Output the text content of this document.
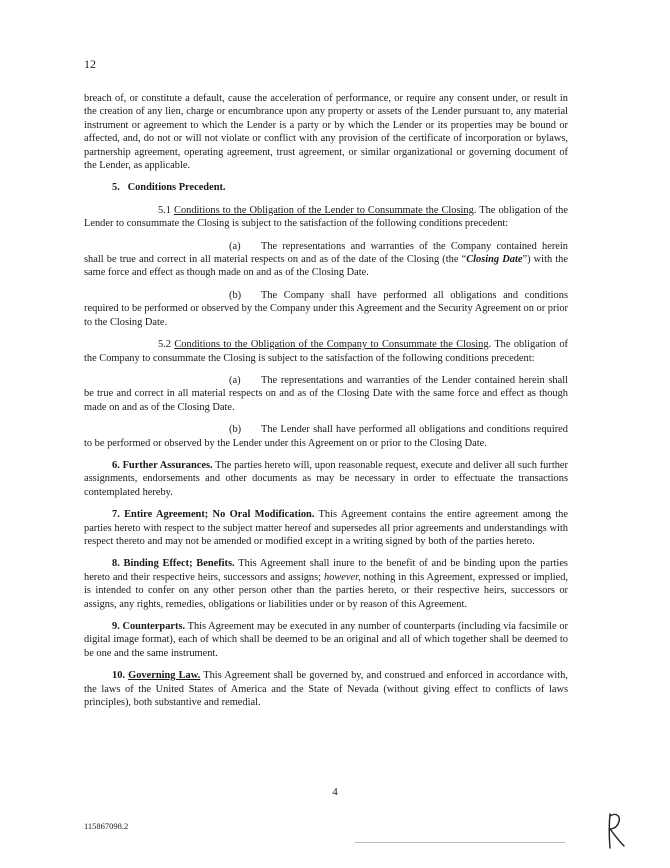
12

breach of, or constitute a default, cause the acceleration of performance, or require any consent under, or result in the creation of any lien, charge or encumbrance upon any property or assets of the Lender pursuant to, any material instrument or agreement to which the Lender is a party or by which the Lender or its properties may be bound or affected, and, do not or will not violate or conflict with any provision of the certificate of incorporation or bylaws, partnership agreement, operating agreement, trust agreement, or similar organizational or governing document of the Lender, as applicable.

5. Conditions Precedent.

5.1 Conditions to the Obligation of the Lender to Consummate the Closing. The obligation of the Lender to consummate the Closing is subject to the satisfaction of the following conditions precedent:

(a) The representations and warranties of the Company contained herein shall be true and correct in all material respects on and as of the date of the Closing (the “Closing Date”) with the same force and effect as though made on and as of the Closing Date.

(b) The Company shall have performed all obligations and conditions required to be performed or observed by the Company under this Agreement and the Security Agreement on or prior to the Closing Date.

5.2 Conditions to the Obligation of the Company to Consummate the Closing. The obligation of the Company to consummate the Closing is subject to the satisfaction of the following conditions precedent:

(a) The representations and warranties of the Lender contained herein shall be true and correct in all material respects on and as of the Closing Date with the same force and effect as though made on and as of the Closing Date.

(b) The Lender shall have performed all obligations and conditions required to be performed or observed by the Lender under this Agreement on or prior to the Closing Date.

6. Further Assurances. The parties hereto will, upon reasonable request, execute and deliver all such further assignments, endorsements and other documents as may be necessary in order to effectuate the transactions contemplated hereby.

7. Entire Agreement; No Oral Modification. This Agreement contains the entire agreement among the parties hereto with respect to the subject matter hereof and supersedes all prior agreements and understandings with respect thereto and may not be amended or modified except in a writing signed by both of the parties hereto.

8. Binding Effect; Benefits. This Agreement shall inure to the benefit of and be binding upon the parties hereto and their respective heirs, successors and assigns; however, nothing in this Agreement, expressed or implied, is intended to confer on any other person other than the parties hereto, or their respective heirs, successors or assigns, any rights, remedies, obligations or liabilities under or by reason of this Agreement.

9. Counterparts. This Agreement may be executed in any number of counterparts (including via facsimile or digital image format), each of which shall be deemed to be an original and all of which together shall be deemed to be one and the same instrument.

10. Governing Law. This Agreement shall be governed by, and construed and enforced in accordance with, the laws of the United States of America and the State of Nevada (without giving effect to conflicts of laws principles), both substantive and remedial.

4
115867098.2
